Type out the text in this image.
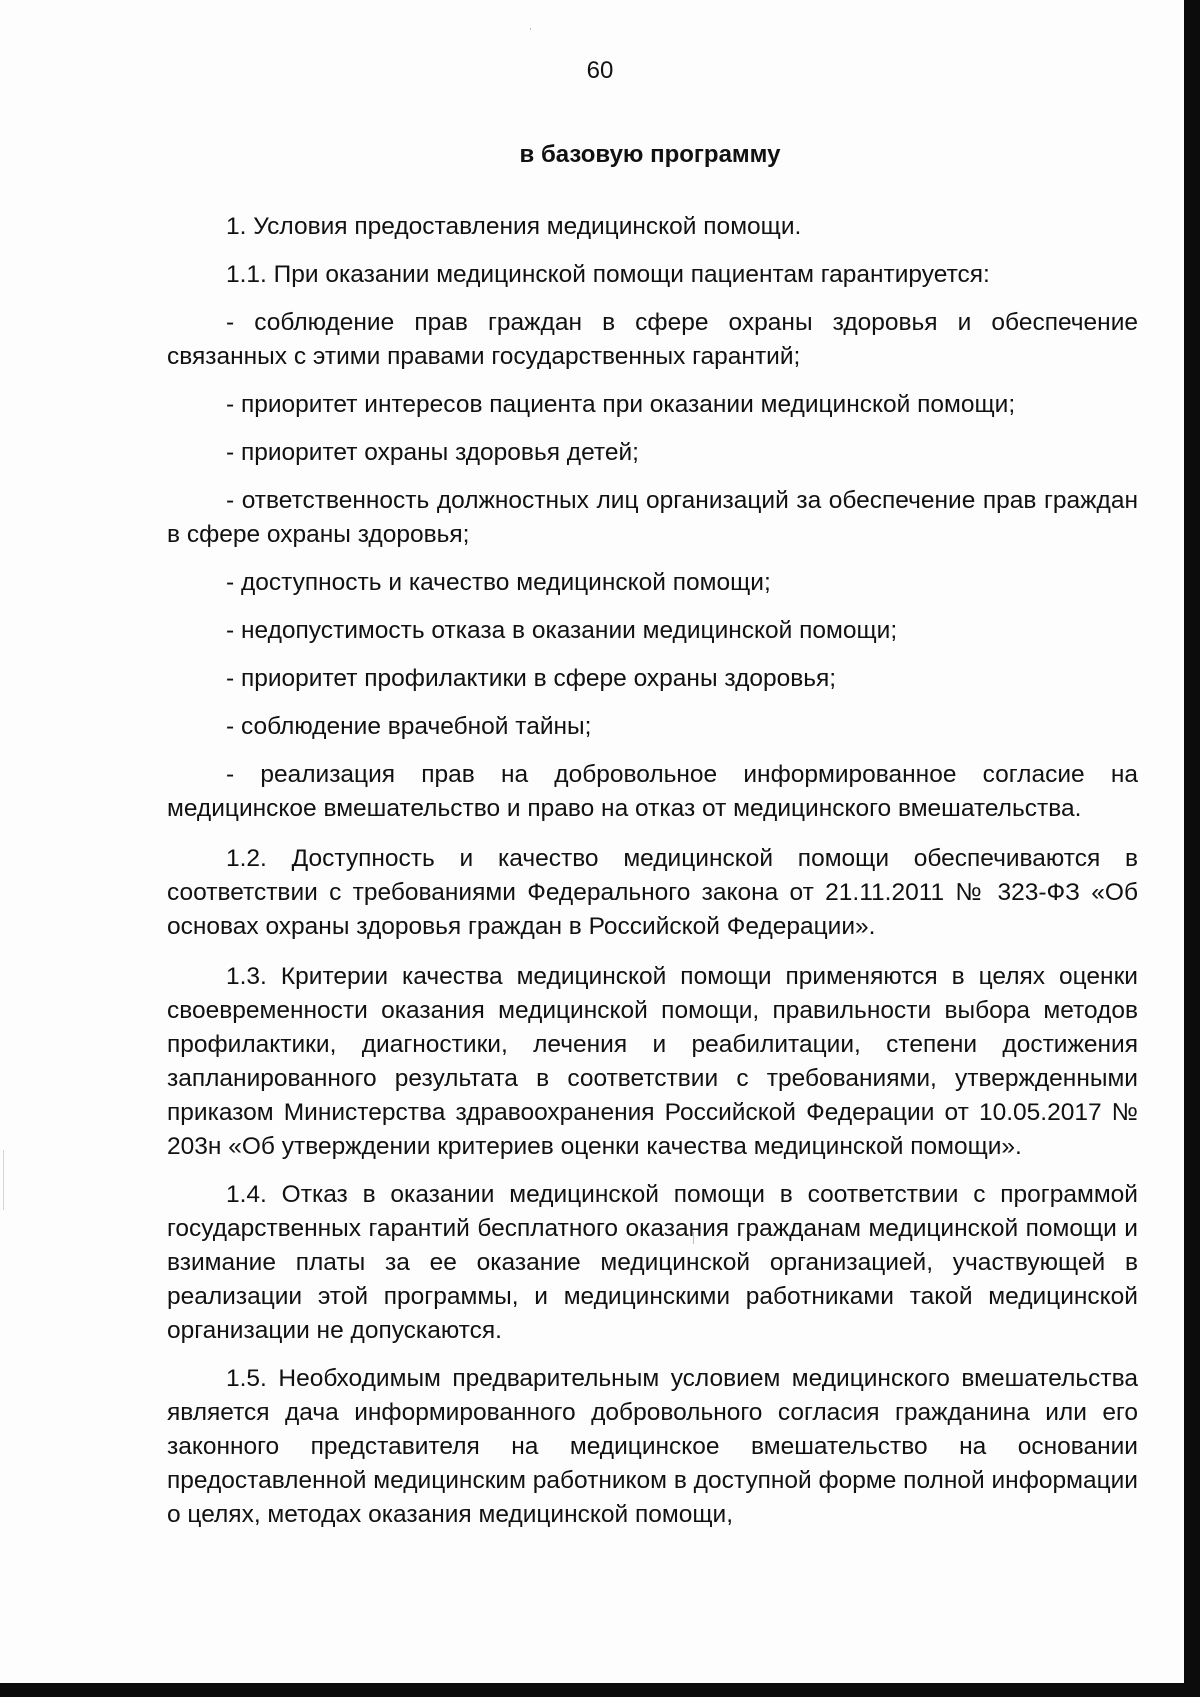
60
в базовую программу

1. Условия предоставления медицинской помощи.

1.1. При оказании медицинской помощи пациентам гарантируется:

- соблюдение прав граждан в сфере охраны здоровья и обеспечение связанных с этими правами государственных гарантий;

- приоритет интересов пациента при оказании медицинской помощи;

- приоритет охраны здоровья детей;

- ответственность должностных лиц организаций за обеспечение прав граждан в сфере охраны здоровья;

- доступность и качество медицинской помощи;

- недопустимость отказа в оказании медицинской помощи;

- приоритет профилактики в сфере охраны здоровья;

- соблюдение врачебной тайны;

- реализация прав на добровольное информированное согласие на медицинское вмешательство и право на отказ от медицинского вмешательства.

1.2. Доступность и качество медицинской помощи обеспечиваются в соответствии с требованиями Федерального закона от 21.11.2011 № 323-ФЗ «Об основах охраны здоровья граждан в Российской Федерации».

1.3. Критерии качества медицинской помощи применяются в целях оценки своевременности оказания медицинской помощи, правильности выбора методов профилактики, диагностики, лечения и реабилитации, степени достижения запланированного результата в соответствии с требованиями, утвержденными приказом Министерства здравоохранения Российской Федерации от 10.05.2017 № 203н «Об утверждении критериев оценки качества медицинской помощи».

1.4. Отказ в оказании медицинской помощи в соответствии с программой государственных гарантий бесплатного оказания гражданам медицинской помощи и взимание платы за ее оказание медицинской организацией, участвующей в реализации этой программы, и медицинскими работниками такой медицинской организации не допускаются.

1.5. Необходимым предварительным условием медицинского вмешательства является дача информированного добровольного согласия гражданина или его законного представителя на медицинское вмешательство на основании предоставленной медицинским работником в доступной форме полной информации о целях, методах оказания медицинской помощи,
